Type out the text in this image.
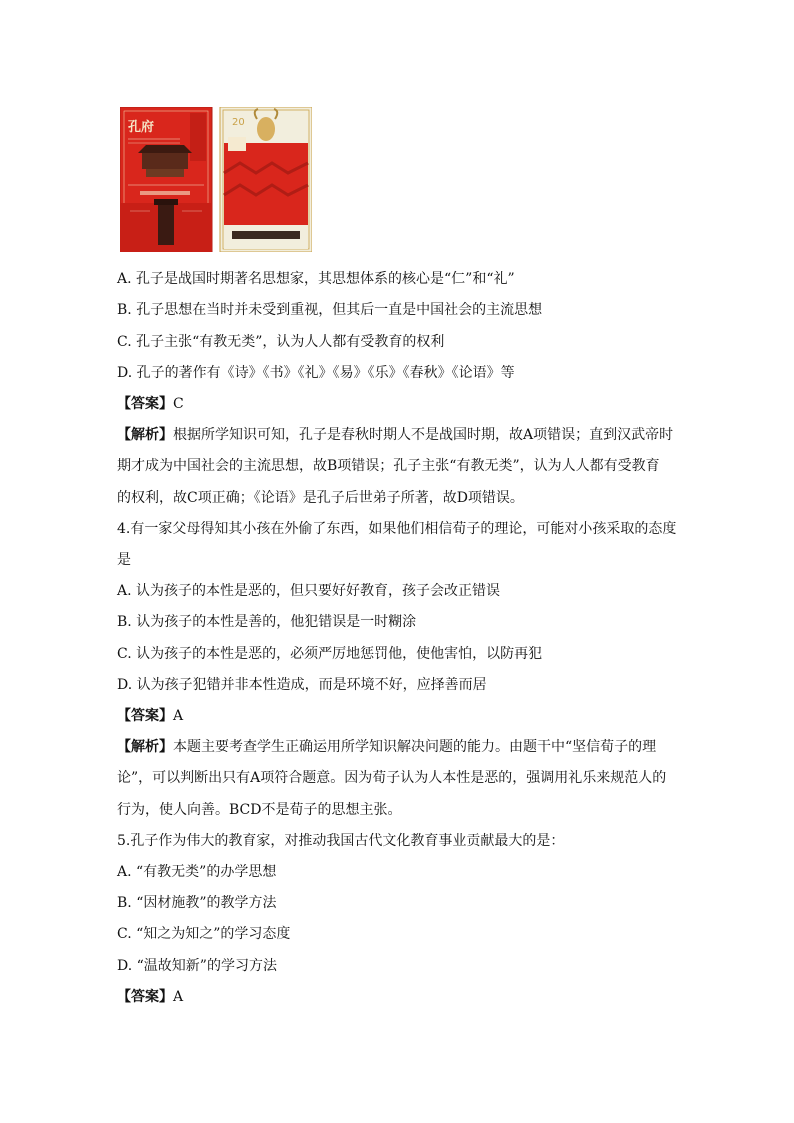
孔府	20
A. 孔子是战国时期著名思想家，其思想体系的核心是“仁”和“礼”
B. 孔子思想在当时并未受到重视，但其后一直是中国社会的主流思想
C. 孔子主张“有教无类”，认为人人都有受教育的权利
D. 孔子的著作有《诗》《书》《礼》《易》《乐》《春秋》《论语》等
【答案】C
【解析】根据所学知识可知，孔子是春秋时期人不是战国时期，故A项错误；直到汉武帝时
期才成为中国社会的主流思想，故B项错误；孔子主张“有教无类”，认为人人都有受教育
的权利，故C项正确；《论语》是孔子后世弟子所著，故D项错误。
4.有一家父母得知其小孩在外偷了东西，如果他们相信荀子的理论，可能对小孩采取的态度
是
A. 认为孩子的本性是恶的，但只要好好教育，孩子会改正错误
B. 认为孩子的本性是善的，他犯错误是一时糊涂
C. 认为孩子的本性是恶的，必须严厉地惩罚他，使他害怕，以防再犯
D. 认为孩子犯错并非本性造成，而是环境不好，应择善而居
【答案】A
【解析】本题主要考查学生正确运用所学知识解决问题的能力。由题干中“坚信荀子的理
论”，可以判断出只有A项符合题意。因为荀子认为人本性是恶的，强调用礼乐来规范人的
行为，使人向善。BCD不是荀子的思想主张。
5.孔子作为伟大的教育家，对推动我国古代文化教育事业贡献最大的是：
A. “有教无类”的办学思想
B. “因材施教”的教学方法
C. “知之为知之”的学习态度
D. “温故知新”的学习方法
【答案】A
